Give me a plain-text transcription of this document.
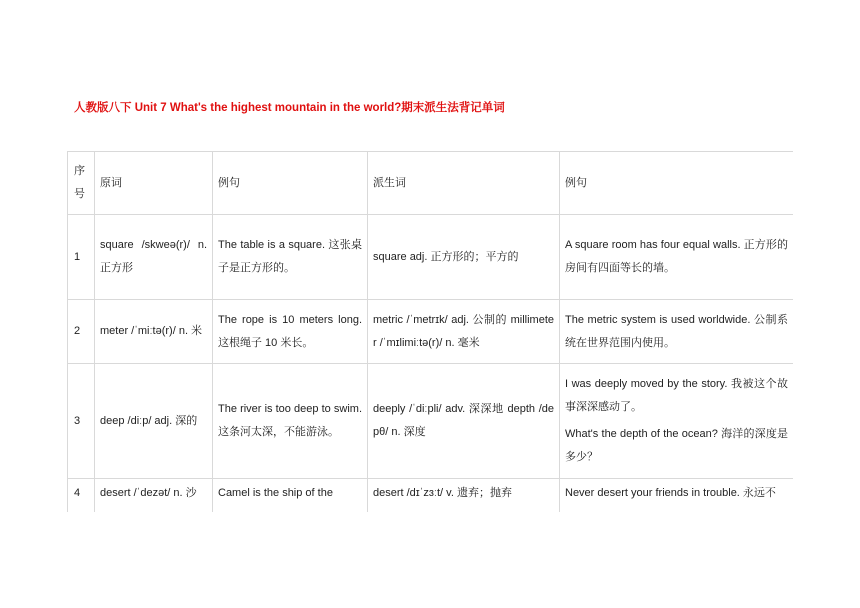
人教版八下 Unit 7 What's the highest mountain in the world?期末派生法背记单词
序号	原词	例句	派生词	例句
1	square /skweə(r)/ n. 正方形	The table is a square. 这张桌子是正方形的。	square adj. 正方形的；平方的	A square room has four equal walls. 正方形的房间有四面等长的墙。

2	meter /ˈmiːtə(r)/ n. 米	The rope is 10 meters long. 这根绳子 10 米长。	metric /ˈmetrɪk/ adj. 公制的 millimeter /ˈmɪlimiːtə(r)/ n. 毫米	The metric system is used worldwide. 公制系统在世界范围内使用。

3	deep /diːp/ adj. 深的	The river is too deep to swim. 这条河太深，不能游泳。	deeply /ˈdiːpli/ adv. 深深地 depth /depθ/ n. 深度	I was deeply moved by the story. 我被这个故事深深感动了。

What's the depth of the ocean? 海洋的深度是多少？

4	desert /ˈdezət/ n. 沙	Camel is the ship of the	desert /dɪˈzɜːt/ v. 遗弃；抛弃	Never desert your friends in trouble. 永远不
